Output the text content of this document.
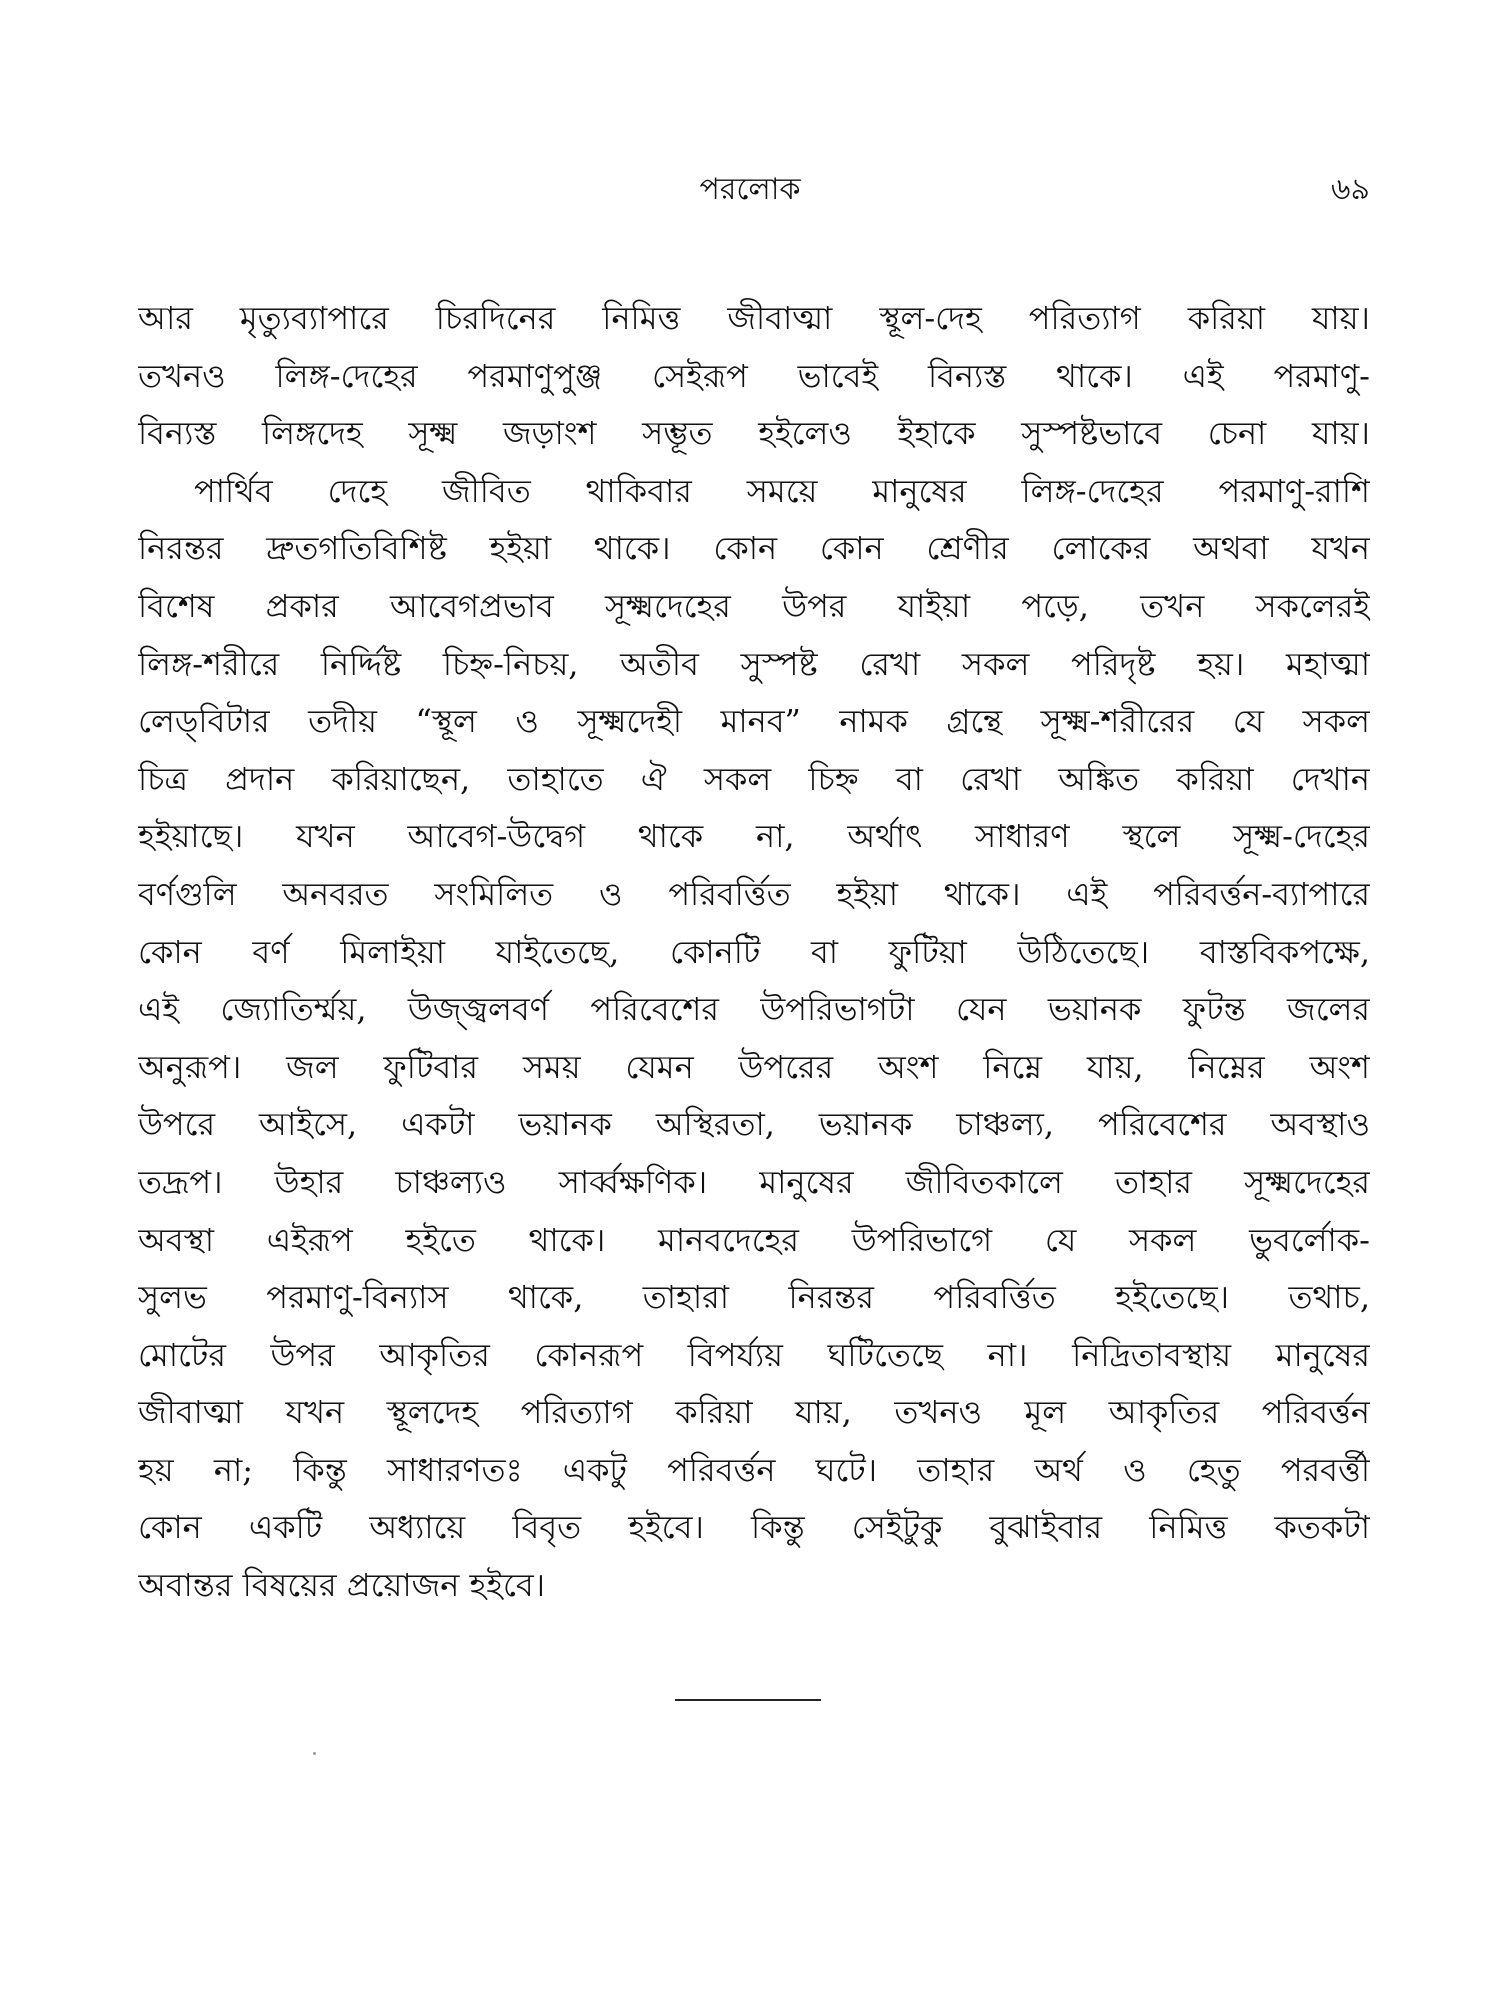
পরলোক	৬৯
আর মৃত্যুব্যাপারে চিরদিনের নিমিত্ত জীবাত্মা স্থূল-দেহ পরিত্যাগ করিয়া যায়।
তখনও লিঙ্গ-দেহের পরমাণুপুঞ্জ সেইরূপ ভাবেই বিন্যস্ত থাকে। এই পরমাণু-
বিন্যস্ত লিঙ্গদেহ সূক্ষ্ম জড়াংশ সম্ভূত হইলেও ইহাকে সুস্পষ্টভাবে চেনা যায়।
পার্থিব দেহে জীবিত থাকিবার সময়ে মানুষের লিঙ্গ-দেহের পরমাণু-রাশি
নিরন্তর দ্রুতগতিবিশিষ্ট হইয়া থাকে। কোন কোন শ্রেণীর লোকের অথবা যখন
বিশেষ প্রকার আবেগপ্রভাব সূক্ষ্মদেহের উপর যাইয়া পড়ে, তখন সকলেরই
লিঙ্গ-শরীরে নির্দ্দিষ্ট চিহ্ন-নিচয়, অতীব সুস্পষ্ট রেখা সকল পরিদৃষ্ট হয়। মহাত্মা
লেড্‌বিটার তদীয় “স্থূল ও সূক্ষ্মদেহী মানব” নামক গ্রন্থে সূক্ষ্ম-শরীরের যে সকল
চিত্র প্রদান করিয়াছেন, তাহাতে ঐ সকল চিহ্ন বা রেখা অঙ্কিত করিয়া দেখান
হইয়াছে। যখন আবেগ-উদ্বেগ থাকে না, অর্থাৎ সাধারণ স্থলে সূক্ষ্ম-দেহের
বর্ণগুলি অনবরত সংমিলিত ও পরিবর্ত্তিত হইয়া থাকে। এই পরিবর্ত্তন-ব্যাপারে
কোন বর্ণ মিলাইয়া যাইতেছে, কোনটি বা ফুটিয়া উঠিতেছে। বাস্তবিকপক্ষে,
এই জ্যোতির্ম্ময়, উজ্জ্বলবর্ণ পরিবেশের উপরিভাগটা যেন ভয়ানক ফুটন্ত জলের
অনুরূপ। জল ফুটিবার সময় যেমন উপরের অংশ নিম্নে যায়, নিম্নের অংশ
উপরে আইসে, একটা ভয়ানক অস্থিরতা, ভয়ানক চাঞ্চল্য, পরিবেশের অবস্থাও
তদ্রূপ। উহার চাঞ্চল্যও সার্ব্বক্ষণিক। মানুষের জীবিতকালে তাহার সূক্ষ্মদেহের
অবস্থা এইরূপ হইতে থাকে। মানবদেহের উপরিভাগে যে সকল ভুবর্লোক-
সুলভ পরমাণু-বিন্যাস থাকে, তাহারা নিরন্তর পরিবর্ত্তিত হইতেছে। তথাচ,
মোটের উপর আকৃতির কোনরূপ বিপর্য্যয় ঘটিতেছে না। নিদ্রিতাবস্থায় মানুষের
জীবাত্মা যখন স্থূলদেহ পরিত্যাগ করিয়া যায়, তখনও মূল আকৃতির পরিবর্ত্তন
হয় না; কিন্তু সাধারণতঃ একটু পরিবর্ত্তন ঘটে। তাহার অর্থ ও হেতু পরবর্ত্তী
কোন একটি অধ্যায়ে বিবৃত হইবে। কিন্তু সেইটুকু বুঝাইবার নিমিত্ত কতকটা
অবান্তর বিষয়ের প্রয়োজন হইবে।
